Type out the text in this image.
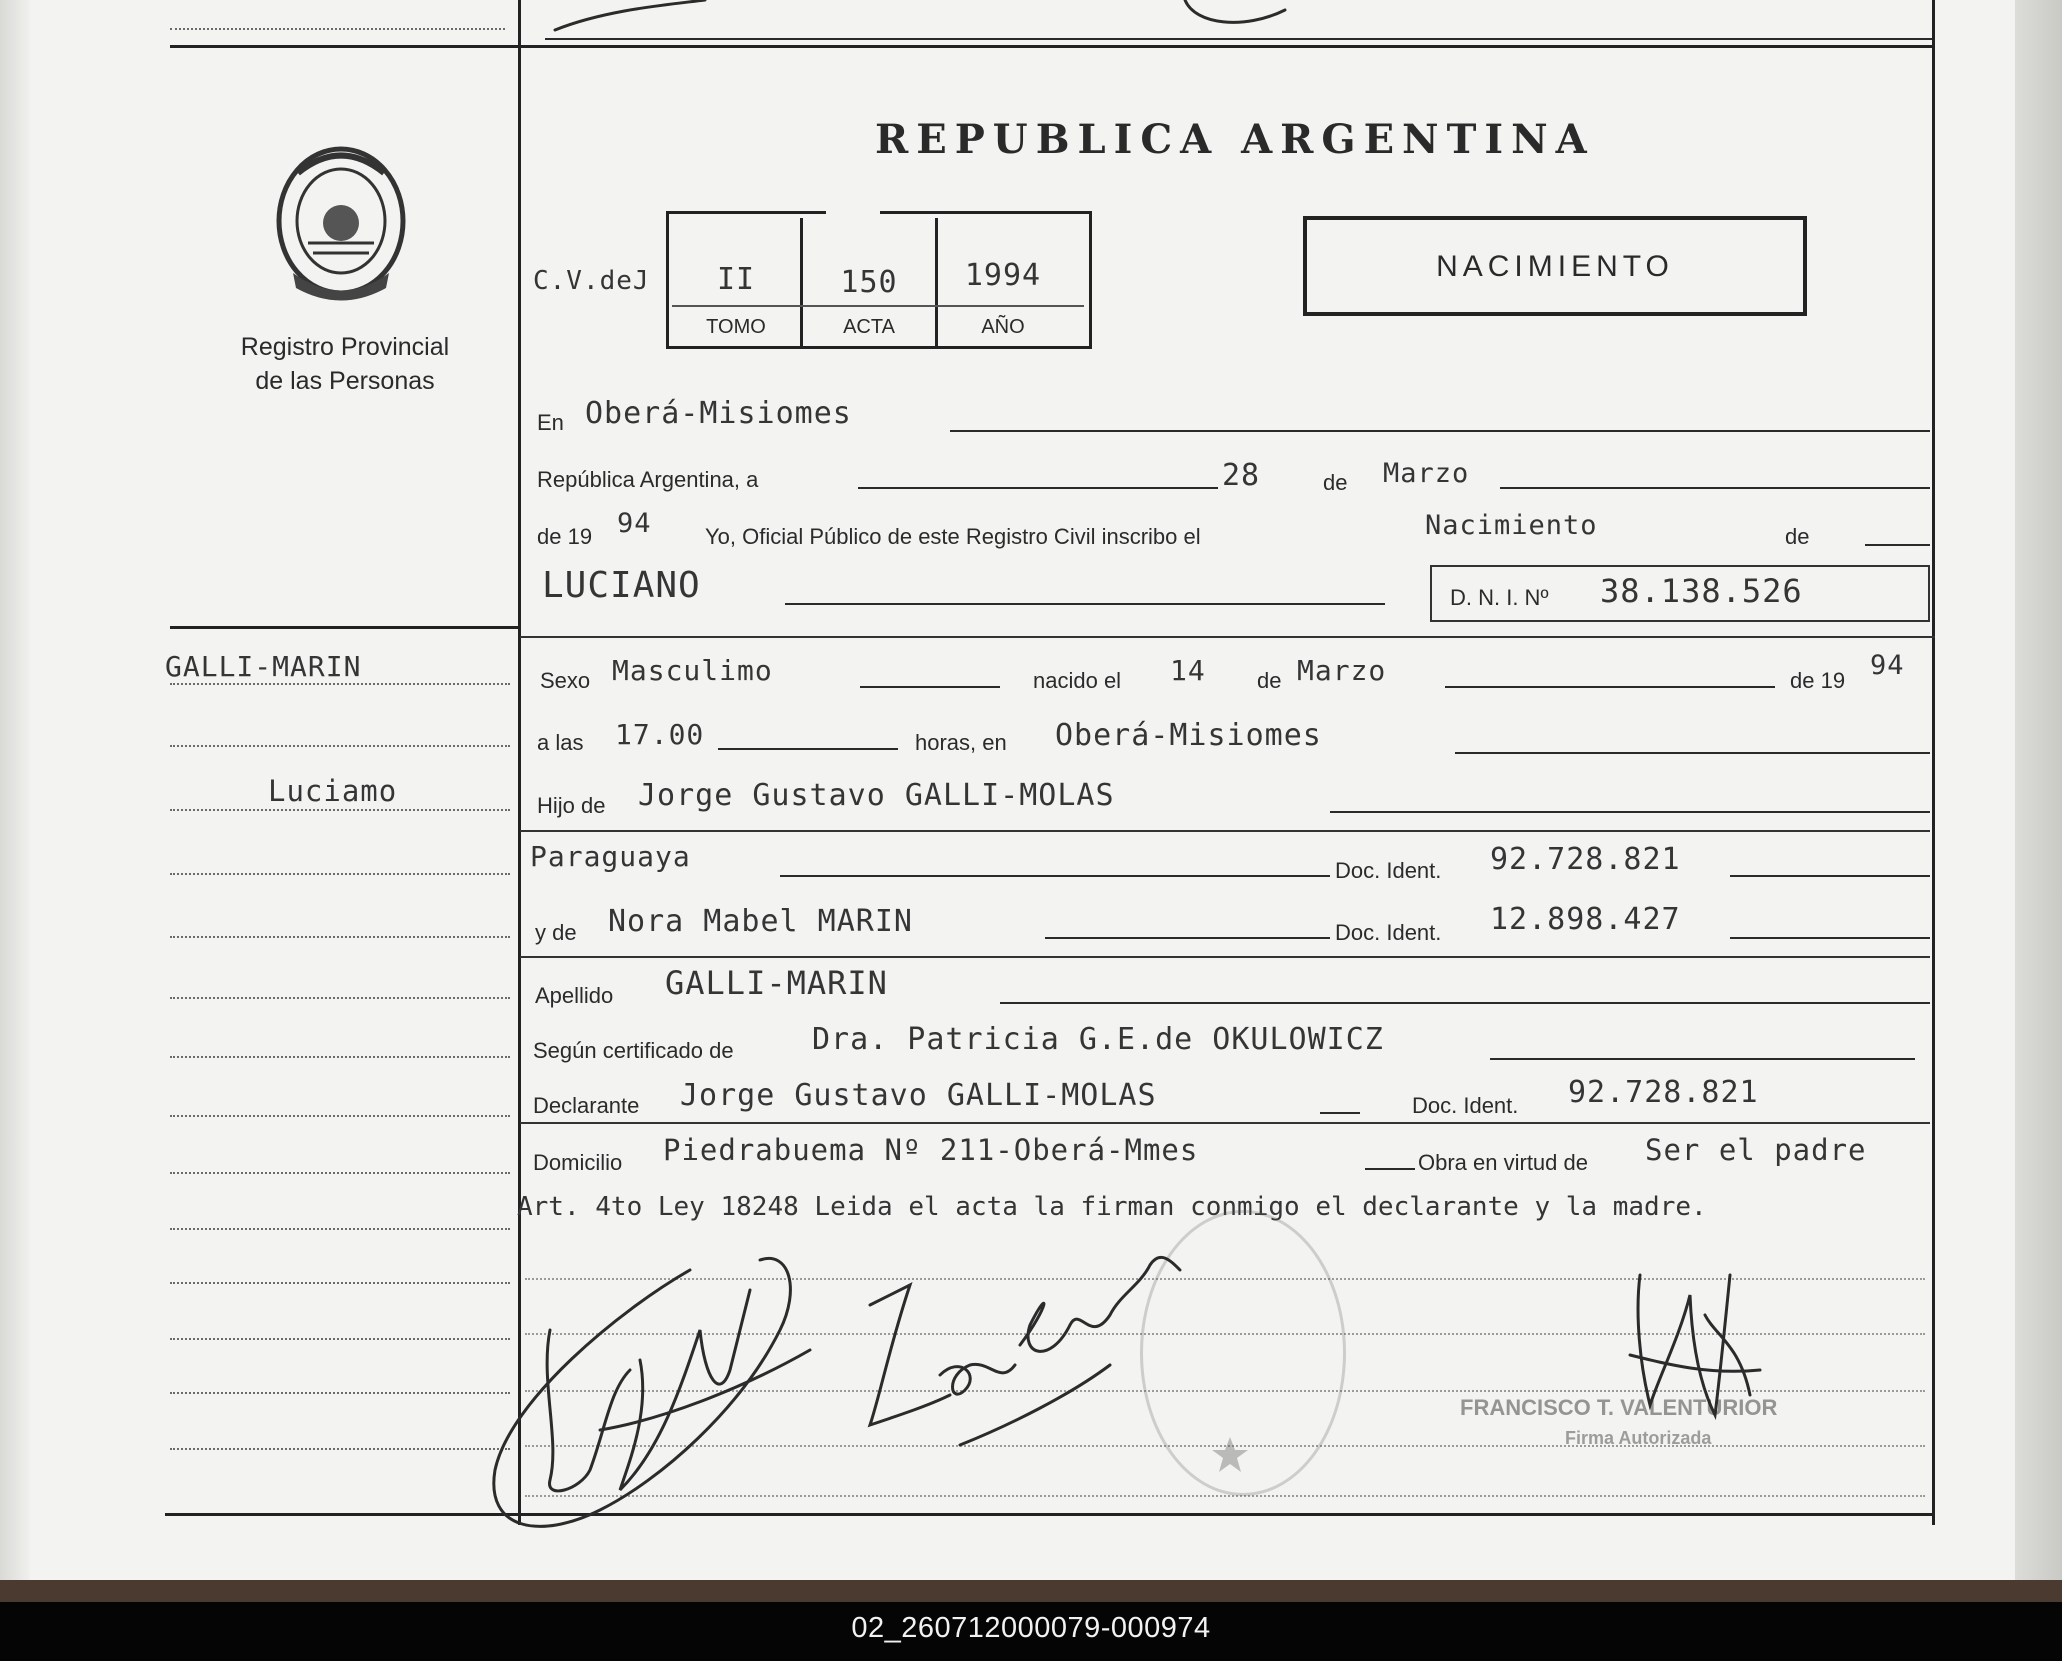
02_260712000079-000974
Registro Provincial
de las Personas
REPUBLICA ARGENTINA
C.V.deJ	II	150	1994
TOMO	ACTA	AÑO
NACIMIENTO
GALLI-MARIN
Luciamo
En Oberá-Misiomes
República Argentina, a	28	de Marzo
de 19 94 Yo, Oficial Público de este Registro Civil inscribo el	Nacimiento	de
LUCIANO	D. N. I. Nº 38.138.526
Sexo Masculimo	nacido el 14 de Marzo	de 19 94
a las 17.00	horas, en Oberá-Misiomes
Hijo de Jorge Gustavo GALLI-MOLAS
Paraguaya	Doc. Ident. 92.728.821
y de Nora Mabel MARIN	Doc. Ident. 12.898.427
Apellido GALLI-MARIN
Según certificado de	Dra. Patricia G.E.de OKULOWICZ
Declarante Jorge Gustavo GALLI-MOLAS	Doc. Ident. 92.728.821
Domicilio Piedrabuema Nº 211-Oberá-Mmes	Obra en virtud de Ser el padre
Art. 4to Ley 18248 Leida el acta la firman conmigo el declarante y la madre.
FRANCISCO T. VALENTURIOR
Firma Autorizada
